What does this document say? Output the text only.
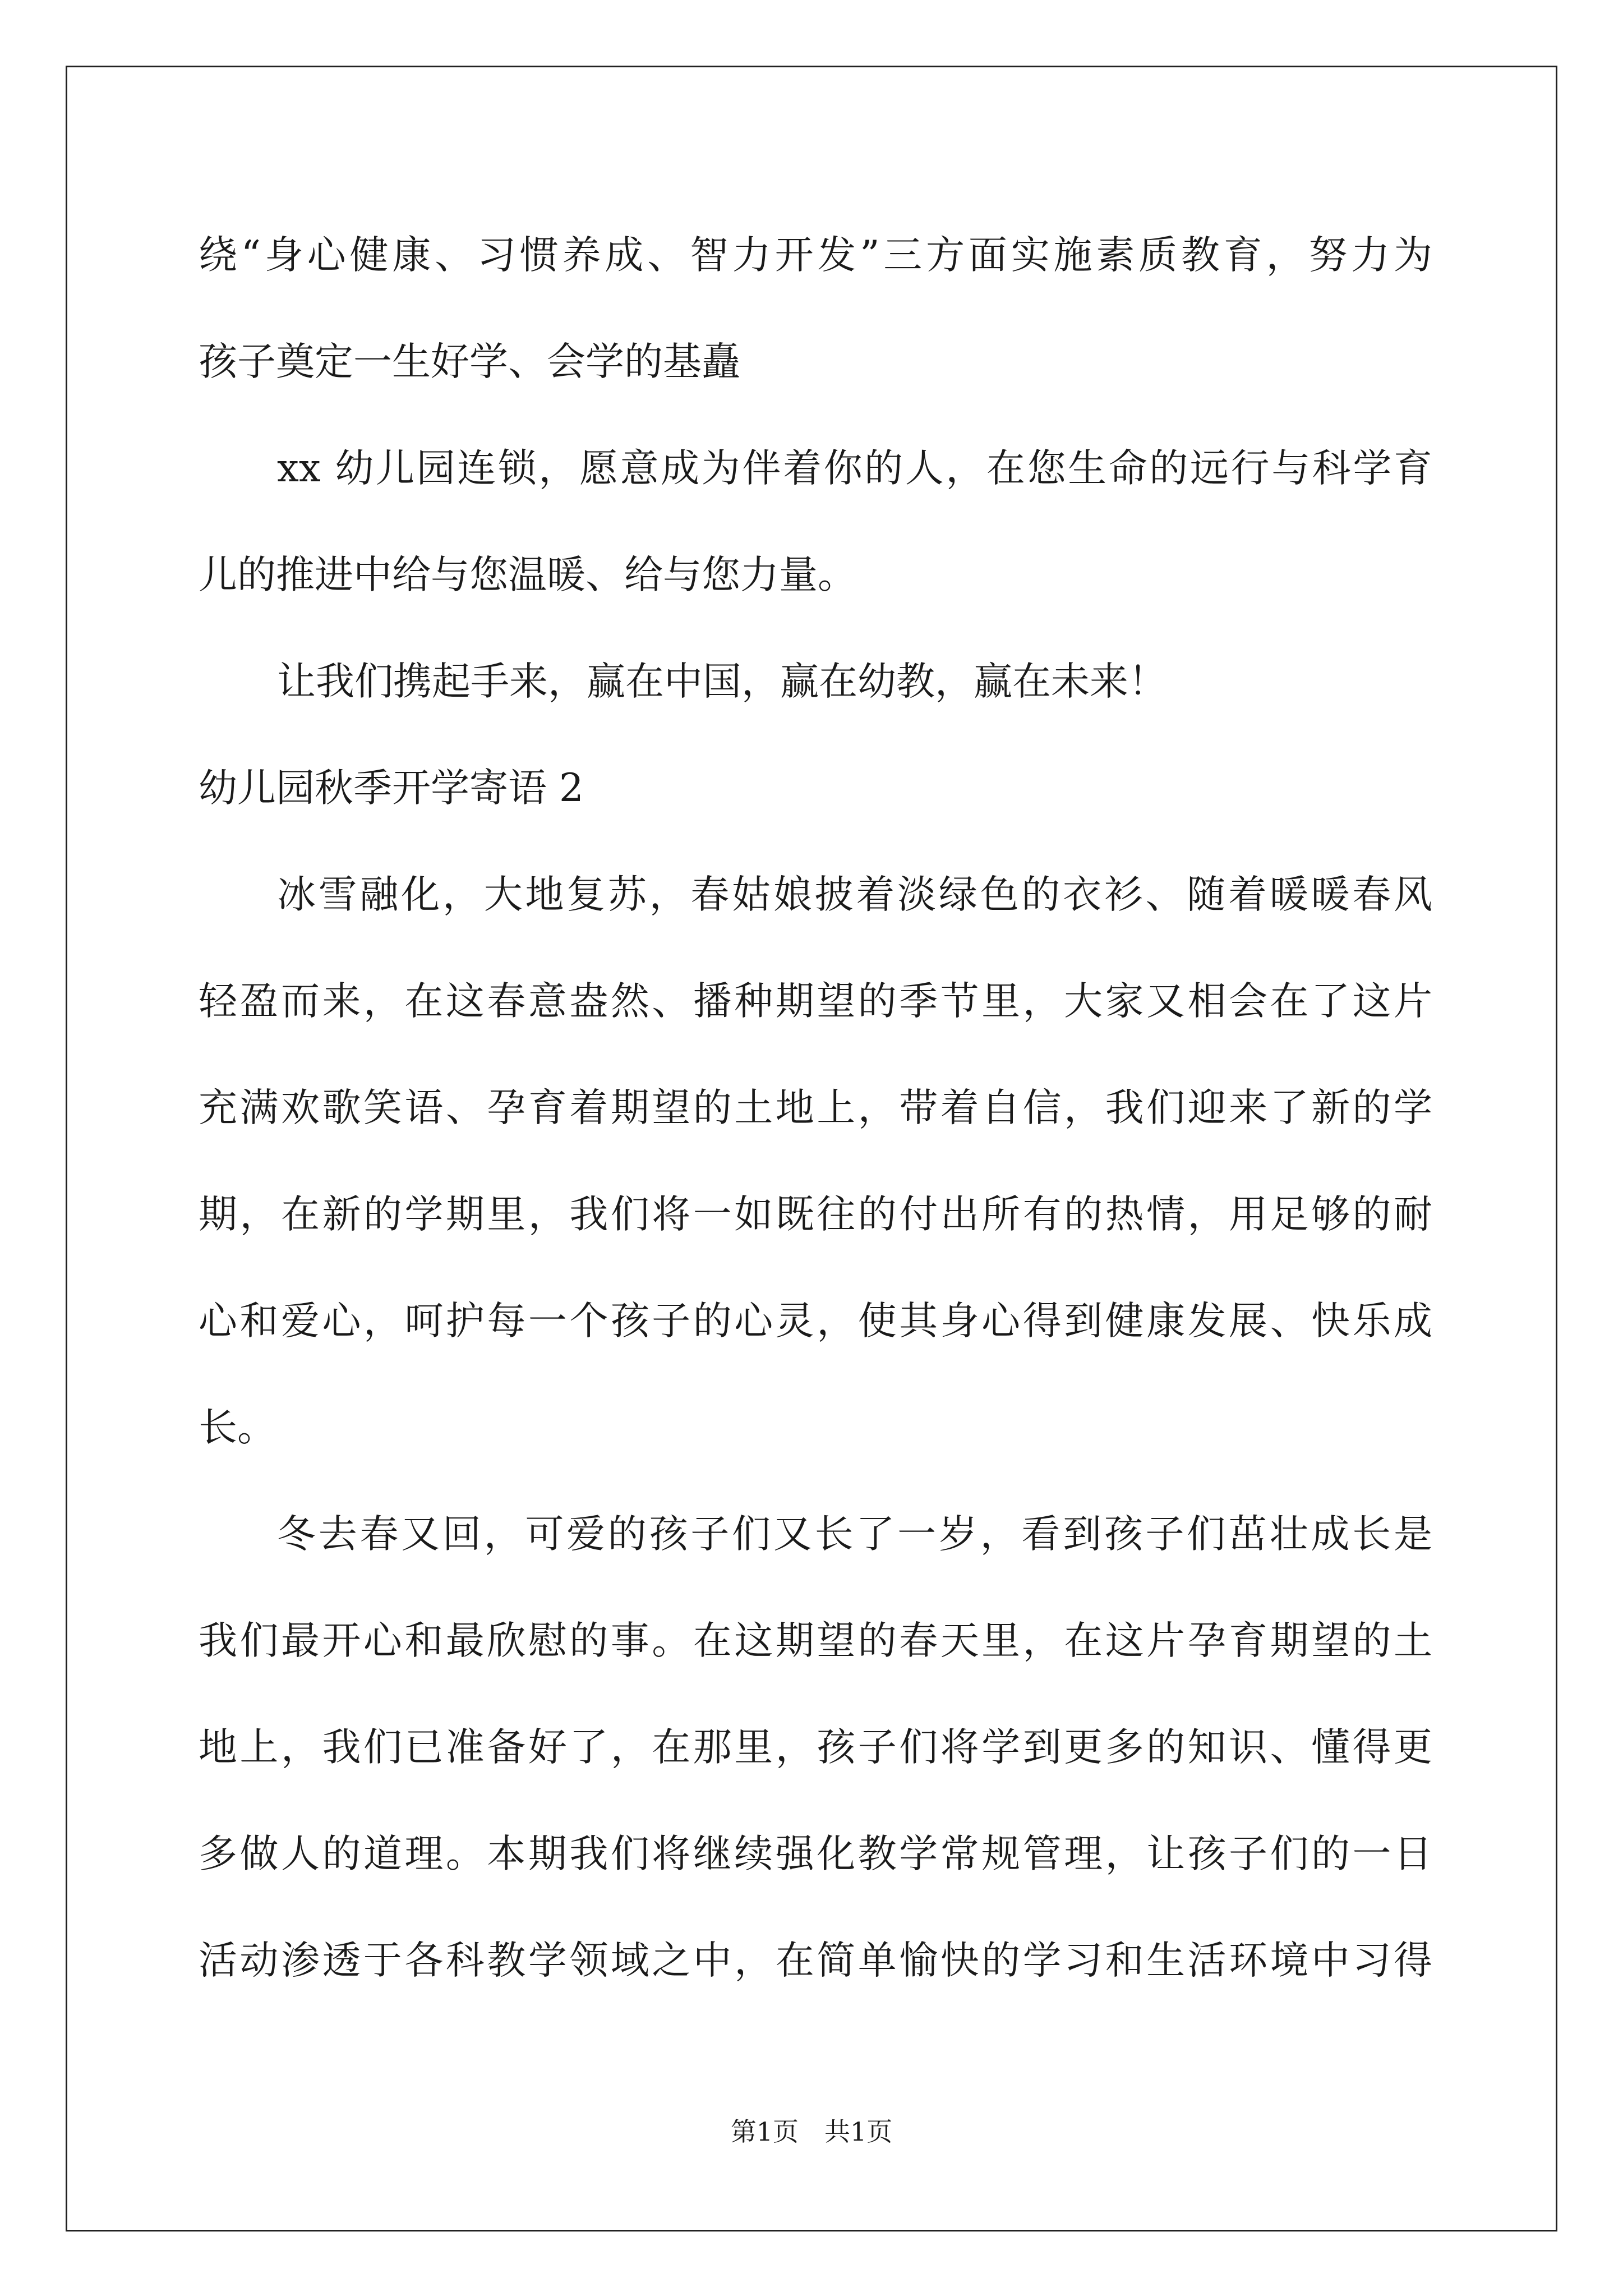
绕“身心健康、习惯养成、智力开发”三方面实施素质教育，努力为
孩子奠定一生好学、会学的基矗
xx 幼儿园连锁，愿意成为伴着你的人，在您生命的远行与科学育
儿的推进中给与您温暖、给与您力量。
让我们携起手来，赢在中国，赢在幼教，赢在未来！
幼儿园秋季开学寄语 2
冰雪融化，大地复苏，春姑娘披着淡绿色的衣衫、随着暖暖春风
轻盈而来，在这春意盎然、播种期望的季节里，大家又相会在了这片
充满欢歌笑语、孕育着期望的土地上，带着自信，我们迎来了新的学
期，在新的学期里，我们将一如既往的付出所有的热情，用足够的耐
心和爱心，呵护每一个孩子的心灵，使其身心得到健康发展、快乐成
长。
冬去春又回，可爱的孩子们又长了一岁，看到孩子们茁壮成长是
我们最开心和最欣慰的事。在这期望的春天里，在这片孕育期望的土
地上，我们已准备好了，在那里，孩子们将学到更多的知识、懂得更
多做人的道理。本期我们将继续强化教学常规管理，让孩子们的一日
活动渗透于各科教学领域之中，在简单愉快的学习和生活环境中习得
第1页　共1页
